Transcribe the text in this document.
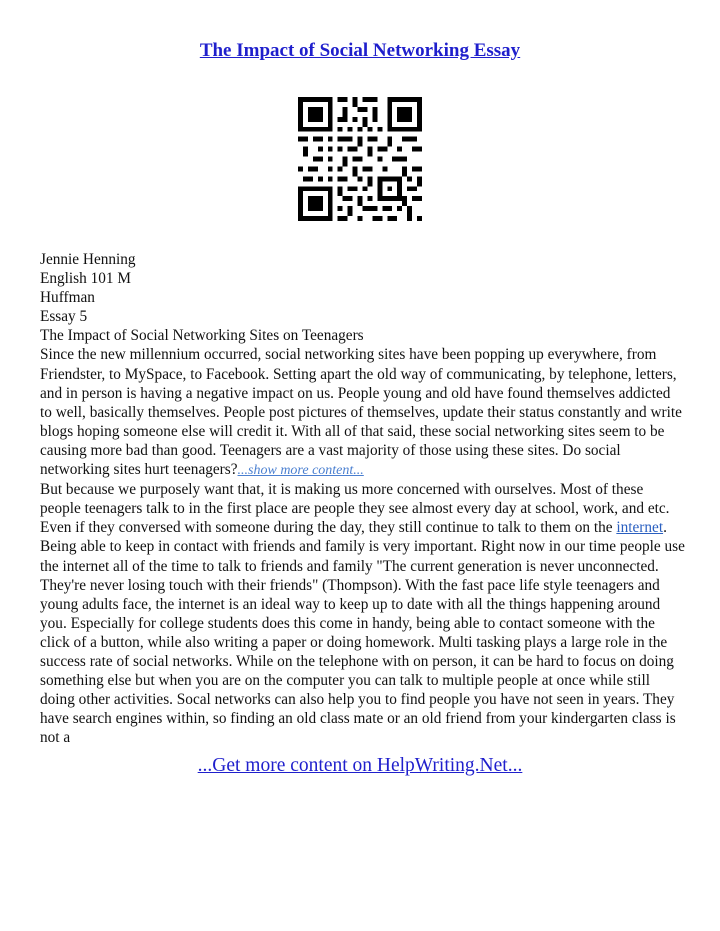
The Impact of Social Networking Essay

Jennie Henning

English 101 M

Huffman

Essay 5

The Impact of Social Networking Sites on Teenagers

Since the new millennium occurred, social networking sites have been popping up everywhere, from Friendster, to MySpace, to Facebook. Setting apart the old way of communicating, by telephone, letters, and in person is having a negative impact on us. People young and old have found themselves addicted to well, basically themselves. People post pictures of themselves, update their status constantly and write blogs hoping someone else will credit it. With all of that said, these social networking sites seem to be causing more bad than good. Teenagers are a vast majority of those using these sites. Do social networking sites hurt teenagers?...show more content...

But because we purposely want that, it is making us more concerned with ourselves. Most of these people teenagers talk to in the first place are people they see almost every day at school, work, and etc. Even if they conversed with someone during the day, they still continue to talk to them on the internet. Being able to keep in contact with friends and family is very important. Right now in our time people use the internet all of the time to talk to friends and family "The current generation is never unconnected. They're never losing touch with their friends" (Thompson). With the fast pace life style teenagers and young adults face, the internet is an ideal way to keep up to date with all the things happening around you. Especially for college students does this come in handy, being able to contact someone with the click of a button, while also writing a paper or doing homework. Multi tasking plays a large role in the success rate of social networks. While on the telephone with on person, it can be hard to focus on doing something else but when you are on the computer you can talk to multiple people at once while still doing other activities. Socal networks can also help you to find people you have not seen in years. They have search engines within, so finding an old class mate or an old friend from your kindergarten class is not a

...Get more content on HelpWriting.Net...
